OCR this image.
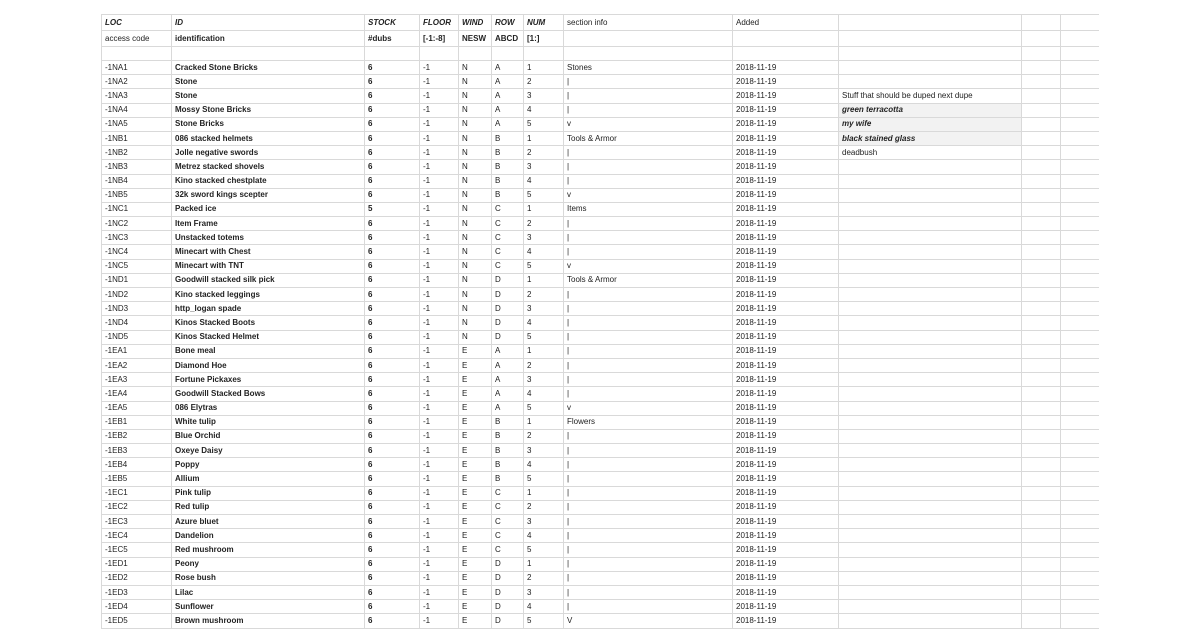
LOC	ID	STOCK	FLOOR	WIND	ROW	NUM	section info	Added			
access code	identification	#dubs	[-1:-8]	NESW	ABCD	[1:]					

-1NA1	Cracked Stone Bricks	6	-1	N	A	1	Stones	2018-11-19			
-1NA2	Stone	6	-1	N	A	2	|	2018-11-19			
-1NA3	Stone	6	-1	N	A	3	|	2018-11-19	Stuff that should be duped next dupe		
-1NA4	Mossy Stone Bricks	6	-1	N	A	4	|	2018-11-19	green terracotta		
-1NA5	Stone Bricks	6	-1	N	A	5	v	2018-11-19	my wife		
-1NB1	086 stacked helmets	6	-1	N	B	1	Tools & Armor	2018-11-19	black stained glass		
-1NB2	Jolle negative swords	6	-1	N	B	2	|	2018-11-19	deadbush		
-1NB3	Metrez stacked shovels	6	-1	N	B	3	|	2018-11-19			
-1NB4	Kino stacked chestplate	6	-1	N	B	4	|	2018-11-19			
-1NB5	32k sword kings scepter	6	-1	N	B	5	v	2018-11-19			
-1NC1	Packed ice	5	-1	N	C	1	Items	2018-11-19			
-1NC2	Item Frame	6	-1	N	C	2	|	2018-11-19			
-1NC3	Unstacked totems	6	-1	N	C	3	|	2018-11-19			
-1NC4	Minecart with Chest	6	-1	N	C	4	|	2018-11-19			
-1NC5	Minecart with TNT	6	-1	N	C	5	v	2018-11-19			
-1ND1	Goodwill stacked silk pick	6	-1	N	D	1	Tools & Armor	2018-11-19			
-1ND2	Kino stacked leggings	6	-1	N	D	2	|	2018-11-19			
-1ND3	http_logan spade	6	-1	N	D	3	|	2018-11-19			
-1ND4	Kinos Stacked Boots	6	-1	N	D	4	|	2018-11-19			
-1ND5	Kinos Stacked Helmet	6	-1	N	D	5	|	2018-11-19			
-1EA1	Bone meal	6	-1	E	A	1	|	2018-11-19			
-1EA2	Diamond Hoe	6	-1	E	A	2	|	2018-11-19			
-1EA3	Fortune Pickaxes	6	-1	E	A	3	|	2018-11-19			
-1EA4	Goodwill Stacked Bows	6	-1	E	A	4	|	2018-11-19			
-1EA5	086 Elytras	6	-1	E	A	5	v	2018-11-19			
-1EB1	White tulip	6	-1	E	B	1	Flowers	2018-11-19			
-1EB2	Blue Orchid	6	-1	E	B	2	|	2018-11-19			
-1EB3	Oxeye Daisy	6	-1	E	B	3	|	2018-11-19			
-1EB4	Poppy	6	-1	E	B	4	|	2018-11-19			
-1EB5	Allium	6	-1	E	B	5	|	2018-11-19			
-1EC1	Pink tulip	6	-1	E	C	1	|	2018-11-19			
-1EC2	Red tulip	6	-1	E	C	2	|	2018-11-19			
-1EC3	Azure bluet	6	-1	E	C	3	|	2018-11-19			
-1EC4	Dandelion	6	-1	E	C	4	|	2018-11-19			
-1EC5	Red mushroom	6	-1	E	C	5	|	2018-11-19			
-1ED1	Peony	6	-1	E	D	1	|	2018-11-19			
-1ED2	Rose bush	6	-1	E	D	2	|	2018-11-19			
-1ED3	Lilac	6	-1	E	D	3	|	2018-11-19			
-1ED4	Sunflower	6	-1	E	D	4	|	2018-11-19			
-1ED5	Brown mushroom	6	-1	E	D	5	V	2018-11-19			
